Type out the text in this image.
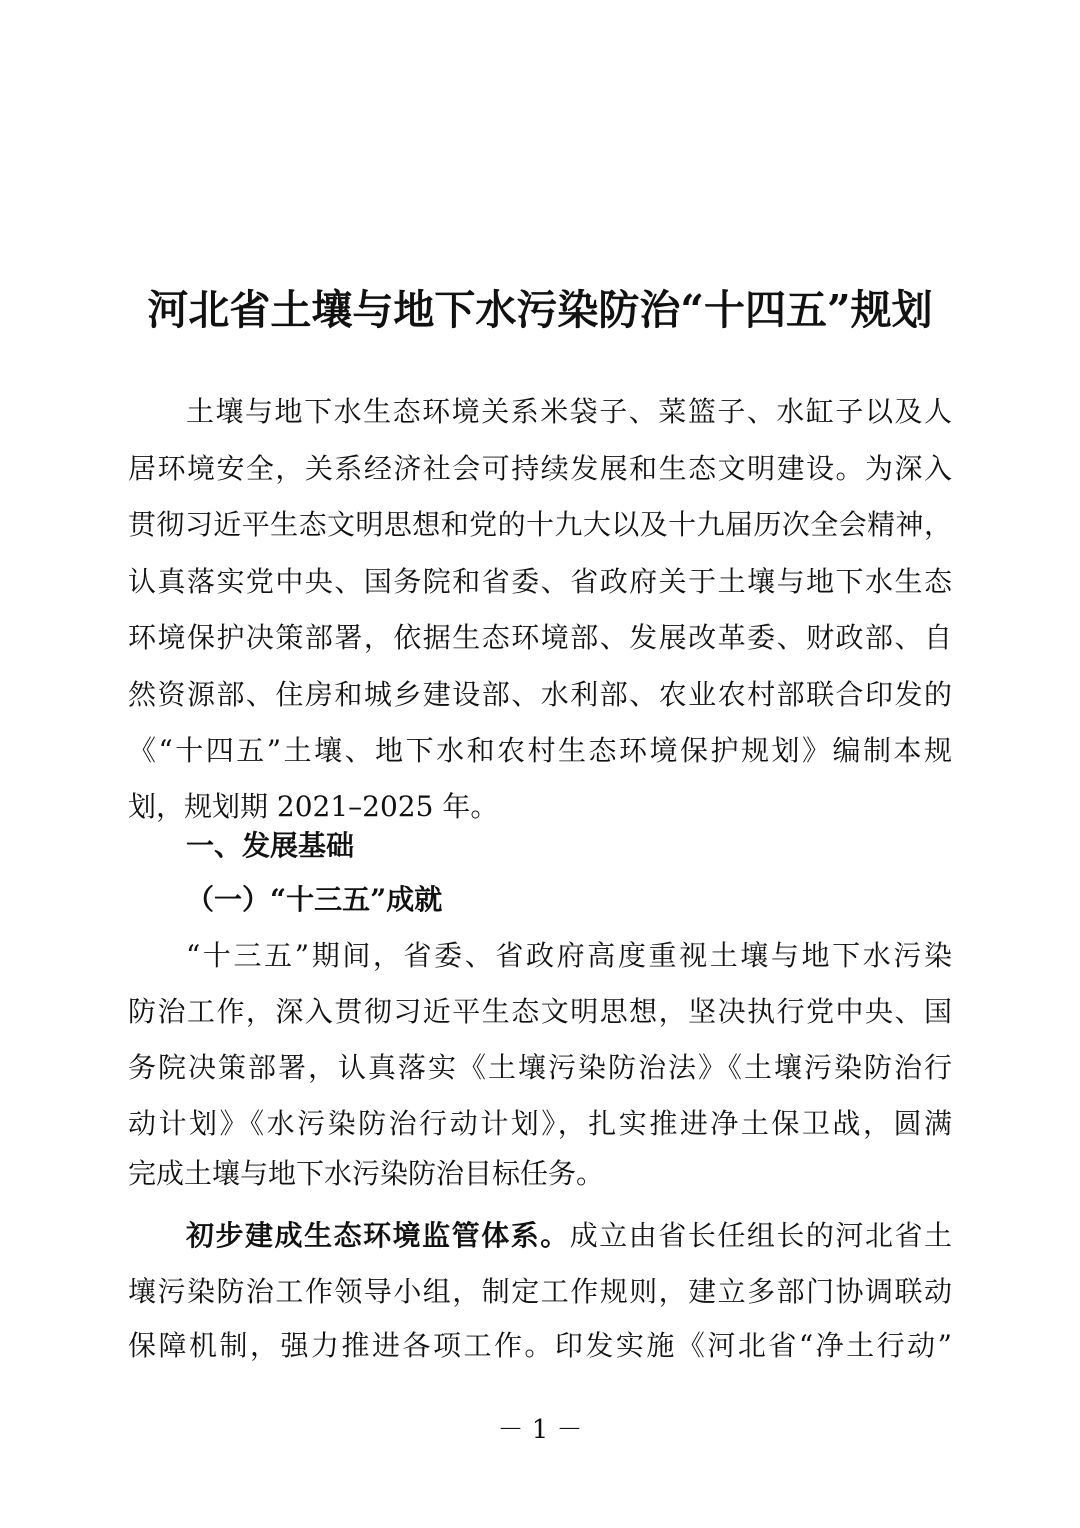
河北省土壤与地下水污染防治“十四五”规划
土壤与地下水生态环境关系米袋子、菜篮子、水缸子以及人
居环境安全，关系经济社会可持续发展和生态文明建设。为深入
贯彻习近平生态文明思想和党的十九大以及十九届历次全会精神，
认真落实党中央、国务院和省委、省政府关于土壤与地下水生态
环境保护决策部署，依据生态环境部、发展改革委、财政部、自
然资源部、住房和城乡建设部、水利部、农业农村部联合印发的
《“十四五”土壤、地下水和农村生态环境保护规划》编制本规
划，规划期 2021–2025 年。
一、发展基础
（一）“十三五”成就
“十三五”期间，省委、省政府高度重视土壤与地下水污染
防治工作，深入贯彻习近平生态文明思想，坚决执行党中央、国
务院决策部署，认真落实《土壤污染防治法》《土壤污染防治行
动计划》《水污染防治行动计划》，扎实推进净土保卫战，圆满
完成土壤与地下水污染防治目标任务。
初步建成生态环境监管体系。成立由省长任组长的河北省土
壤污染防治工作领导小组，制定工作规则，建立多部门协调联动
保障机制，强力推进各项工作。印发实施《河北省“净土行动”
－ 1 －
